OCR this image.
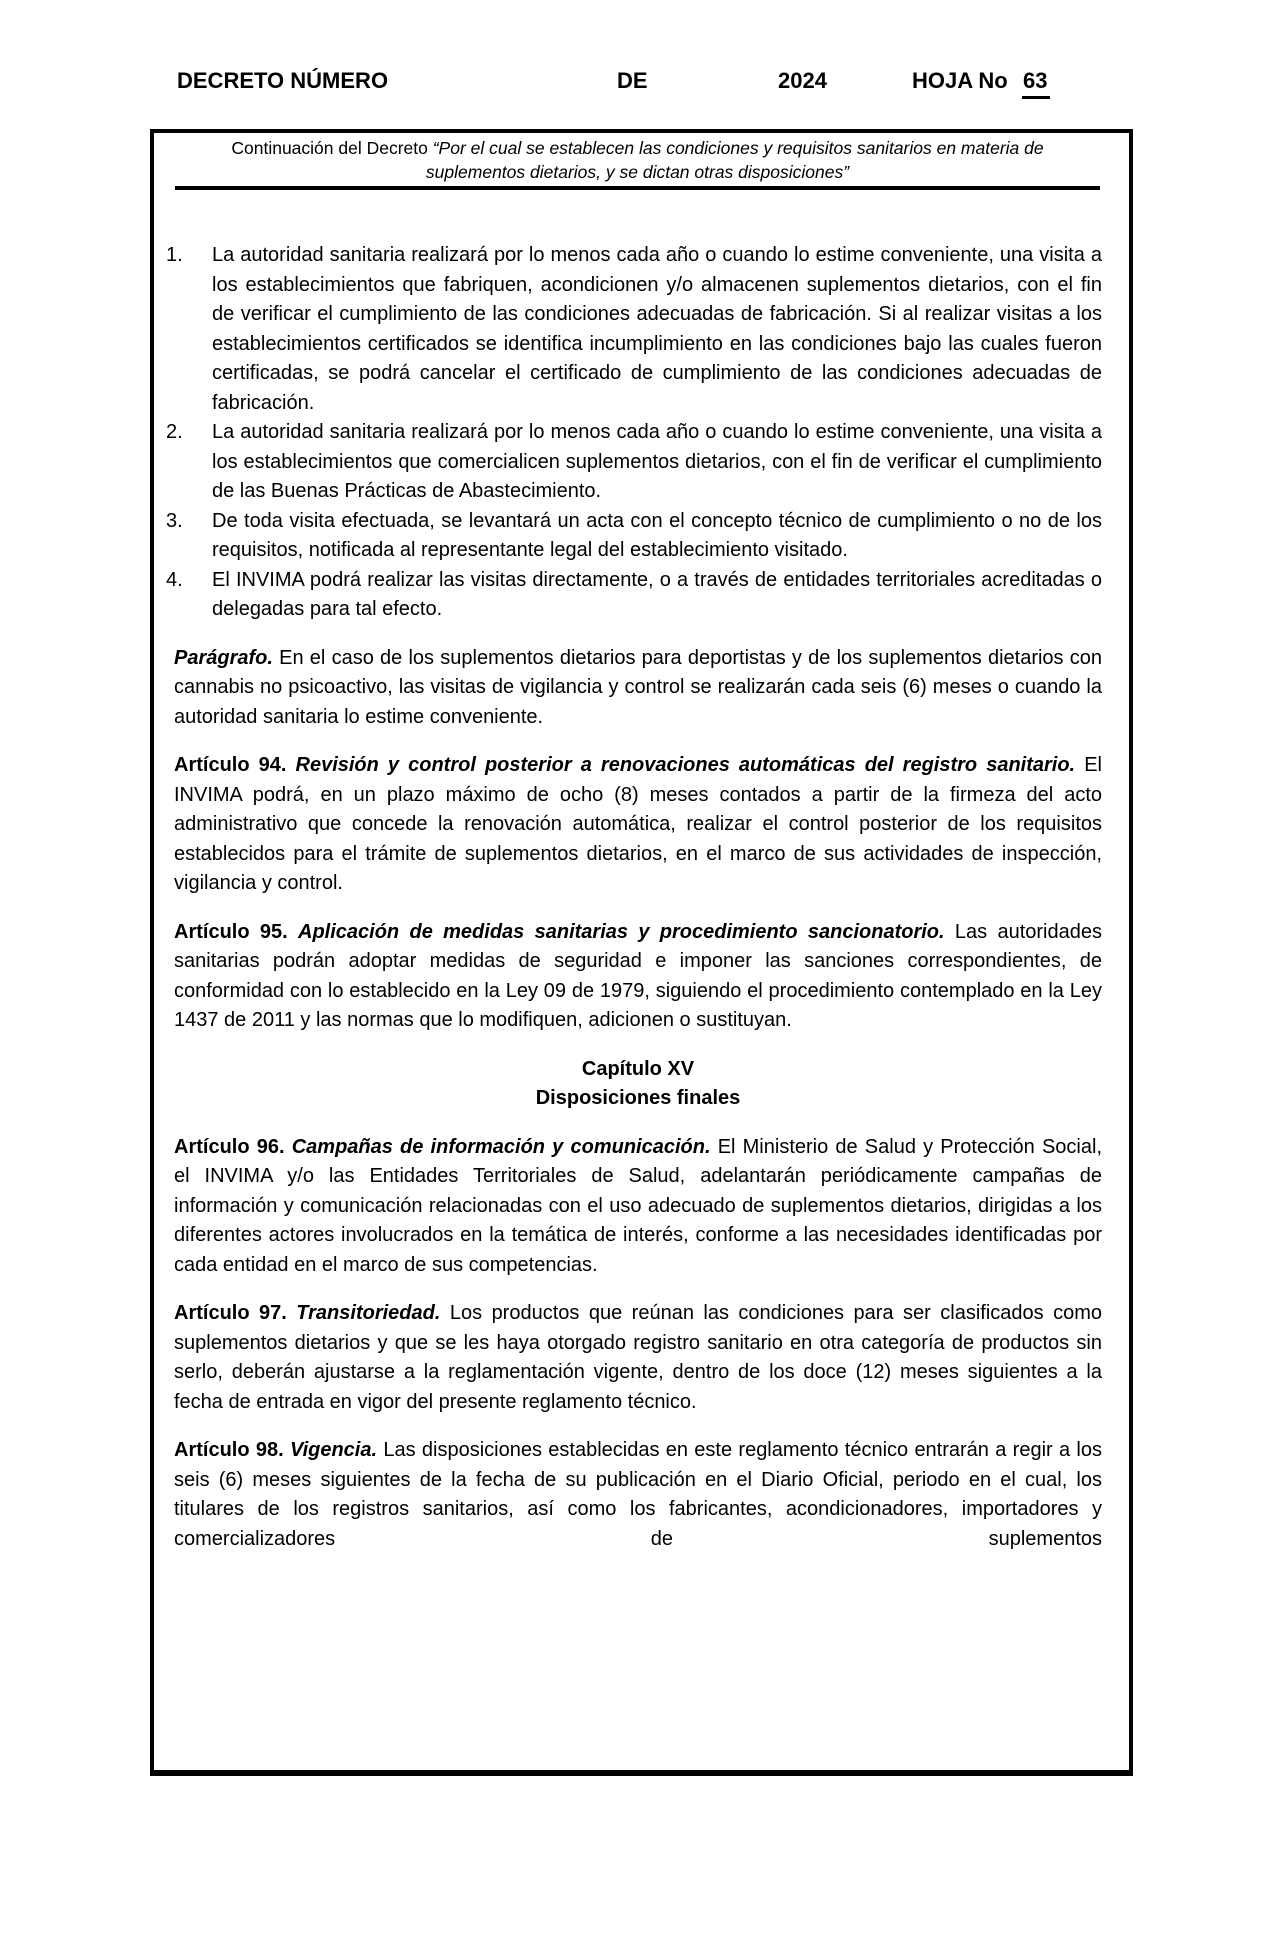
DECRETO NÚMERO	DE	2024	HOJA No 63
Continuación del Decreto “Por el cual se establecen las condiciones y requisitos sanitarios en materia de suplementos dietarios, y se dictan otras disposiciones”
1. La autoridad sanitaria realizará por lo menos cada año o cuando lo estime conveniente, una visita a los establecimientos que fabriquen, acondicionen y/o almacenen suplementos dietarios, con el fin de verificar el cumplimiento de las condiciones adecuadas de fabricación. Si al realizar visitas a los establecimientos certificados se identifica incumplimiento en las condiciones bajo las cuales fueron certificadas, se podrá cancelar el certificado de cumplimiento de las condiciones adecuadas de fabricación.
2. La autoridad sanitaria realizará por lo menos cada año o cuando lo estime conveniente, una visita a los establecimientos que comercialicen suplementos dietarios, con el fin de verificar el cumplimiento de las Buenas Prácticas de Abastecimiento.
3. De toda visita efectuada, se levantará un acta con el concepto técnico de cumplimiento o no de los requisitos, notificada al representante legal del establecimiento visitado.
4. El INVIMA podrá realizar las visitas directamente, o a través de entidades territoriales acreditadas o delegadas para tal efecto.

Parágrafo. En el caso de los suplementos dietarios para deportistas y de los suplementos dietarios con cannabis no psicoactivo, las visitas de vigilancia y control se realizarán cada seis (6) meses o cuando la autoridad sanitaria lo estime conveniente.

Artículo 94. Revisión y control posterior a renovaciones automáticas del registro sanitario. El INVIMA podrá, en un plazo máximo de ocho (8) meses contados a partir de la firmeza del acto administrativo que concede la renovación automática, realizar el control posterior de los requisitos establecidos para el trámite de suplementos dietarios, en el marco de sus actividades de inspección, vigilancia y control.

Artículo 95. Aplicación de medidas sanitarias y procedimiento sancionatorio. Las autoridades sanitarias podrán adoptar medidas de seguridad e imponer las sanciones correspondientes, de conformidad con lo establecido en la Ley 09 de 1979, siguiendo el procedimiento contemplado en la Ley 1437 de 2011 y las normas que lo modifiquen, adicionen o sustituyan.

Capítulo XV
Disposiciones finales

Artículo 96. Campañas de información y comunicación. El Ministerio de Salud y Protección Social, el INVIMA y/o las Entidades Territoriales de Salud, adelantarán periódicamente campañas de información y comunicación relacionadas con el uso adecuado de suplementos dietarios, dirigidas a los diferentes actores involucrados en la temática de interés, conforme a las necesidades identificadas por cada entidad en el marco de sus competencias.

Artículo 97. Transitoriedad. Los productos que reúnan las condiciones para ser clasificados como suplementos dietarios y que se les haya otorgado registro sanitario en otra categoría de productos sin serlo, deberán ajustarse a la reglamentación vigente, dentro de los doce (12) meses siguientes a la fecha de entrada en vigor del presente reglamento técnico.

Artículo 98. Vigencia. Las disposiciones establecidas en este reglamento técnico entrarán a regir a los seis (6) meses siguientes de la fecha de su publicación en el Diario Oficial, periodo en el cual, los titulares de los registros sanitarios, así como los fabricantes, acondicionadores, importadores y comercializadores de suplementos
